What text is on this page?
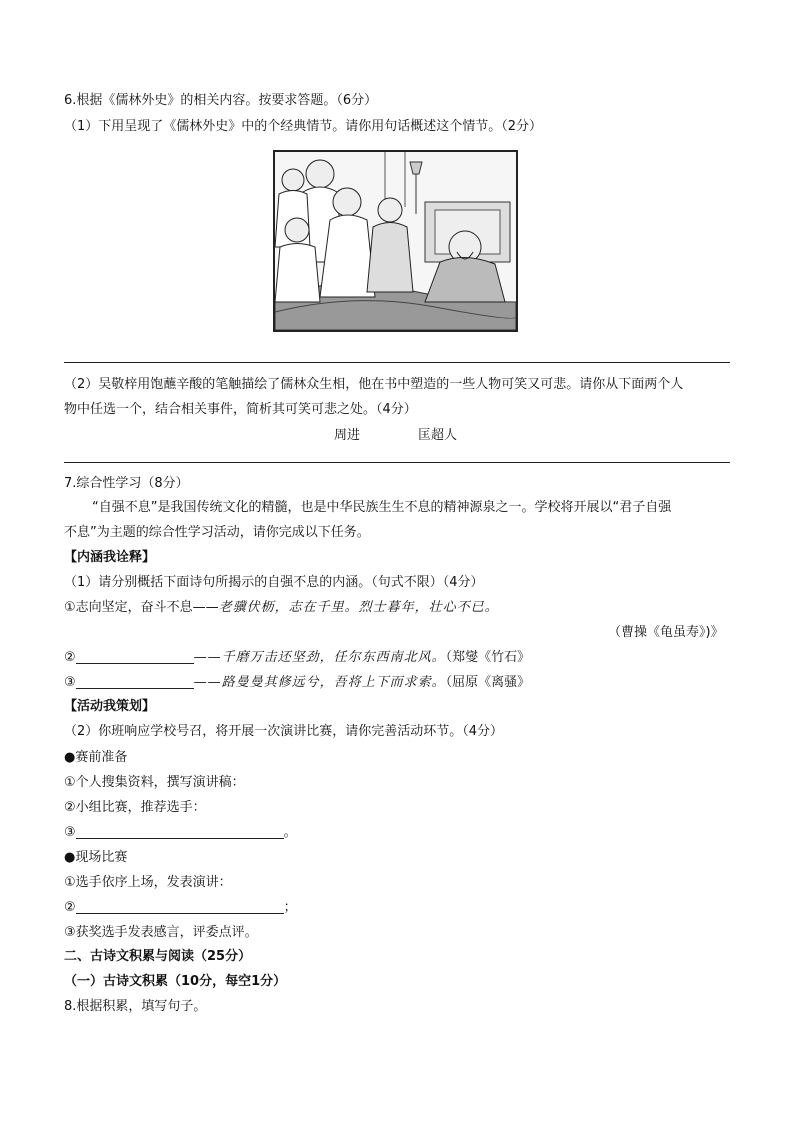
6.根据《儒林外史》的相关内容。按要求答题。（6分）
（1）下用呈现了《儒林外史》中的个经典情节。请你用句话概述这个情节。（2分）
（2）吴敬梓用饱蘸辛酸的笔触描绘了儒林众生相，他在书中塑造的一些人物可笑又可悲。请你从下面两个人
物中任选一个，结合相关事件，简析其可笑可悲之处。（4分）
周进	匡超人
7.综合性学习（8分）
“自强不息”是我国传统文化的精髓，也是中华民族生生不息的精神源泉之一。学校将开展以“君子自强
不息”为主题的综合性学习活动，请你完成以下任务。
【内涵我诠释】
（1）请分别概括下面诗句所揭示的自强不息的内涵。（句式不限）（4分）
①志向坚定，奋斗不息——老骥伏枥，志在千里。烈士暮年，壮心不已。
（曹操《龟虽寿》)》
②	——千磨万击还坚劲，任尔东西南北风。（郑燮《竹石》
③	——路曼曼其修远兮，吾将上下而求索。（屈原《离骚》
【活动我策划】
（2）你班响应学校号召，将开展一次演讲比赛，请你完善活动环节。（4分）
●赛前准备
①个人搜集资料，撰写演讲稿：
②小组比赛，推荐选手：
③	。
●现场比赛
①选手依序上场，发表演讲：
②	；
③获奖选手发表感言，评委点评。
二、古诗文积累与阅读（25分）
（一）古诗文积累（10分，每空1分）
8.根据积累，填写句子。
